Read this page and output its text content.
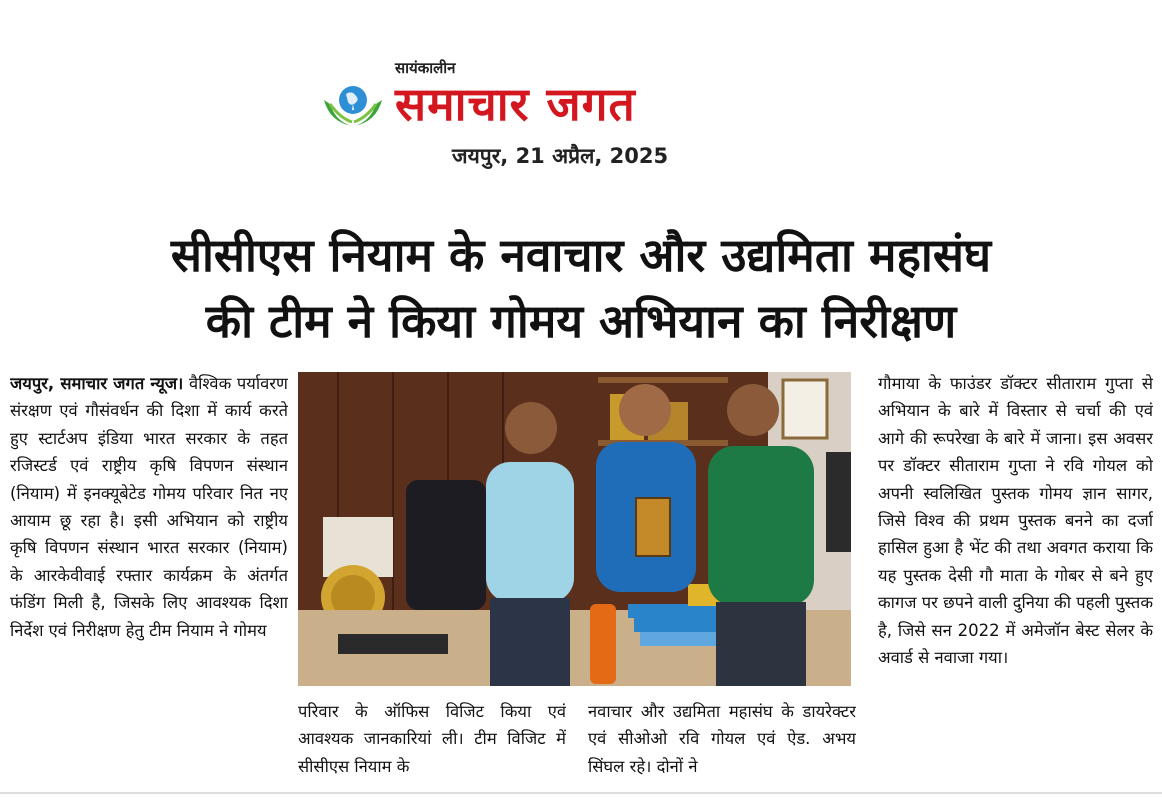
सायंकालीन
समाचार जगत
जयपुर, 21 अप्रैल, 2025
सीसीएस नियाम के नवाचार और उद्यमिता महासंघ
की टीम ने किया गोमय अभियान का निरीक्षण
जयपुर, समाचार जगत न्यूज। वैश्विक पर्यावरण संरक्षण एवं गौसंवर्धन की दिशा में कार्य करते हुए स्टार्टअप इंडिया भारत सरकार के तहत रजिस्टर्ड एवं राष्ट्रीय कृषि विपणन संस्थान (नियाम) में इनक्यूबेटेड गोमय परिवार नित नए आयाम छू रहा है। इसी अभियान को राष्ट्रीय कृषि विपणन संस्थान भारत सरकार (नियाम) के आरकेवीवाई रफ्तार कार्यक्रम के अंतर्गत फंडिंग मिली है, जिसके लिए आवश्यक दिशा निर्देश एवं निरीक्षण हेतु टीम नियाम ने गोमय
परिवार के ऑफिस विजिट किया एवं आवश्यक जानकारियां ली। टीम विजिट में सीसीएस नियाम के
नवाचार और उद्यमिता महासंघ के डायरेक्टर एवं सीओओ रवि गोयल एवं ऐड. अभय सिंघल रहे। दोनों ने
गौमाया के फाउंडर डॉक्टर सीताराम गुप्ता से अभियान के बारे में विस्तार से चर्चा की एवं आगे की रूपरेखा के बारे में जाना। इस अवसर पर डॉक्टर सीताराम गुप्ता ने रवि गोयल को अपनी स्वलिखित पुस्तक गोमय ज्ञान सागर, जिसे विश्व की प्रथम पुस्तक बनने का दर्जा हासिल हुआ है भेंट की तथा अवगत कराया कि यह पुस्तक देसी गौ माता के गोबर से बने हुए कागज पर छपने वाली दुनिया की पहली पुस्तक है, जिसे सन 2022 में अमेजॉन बेस्ट सेलर के अवार्ड से नवाजा गया।
